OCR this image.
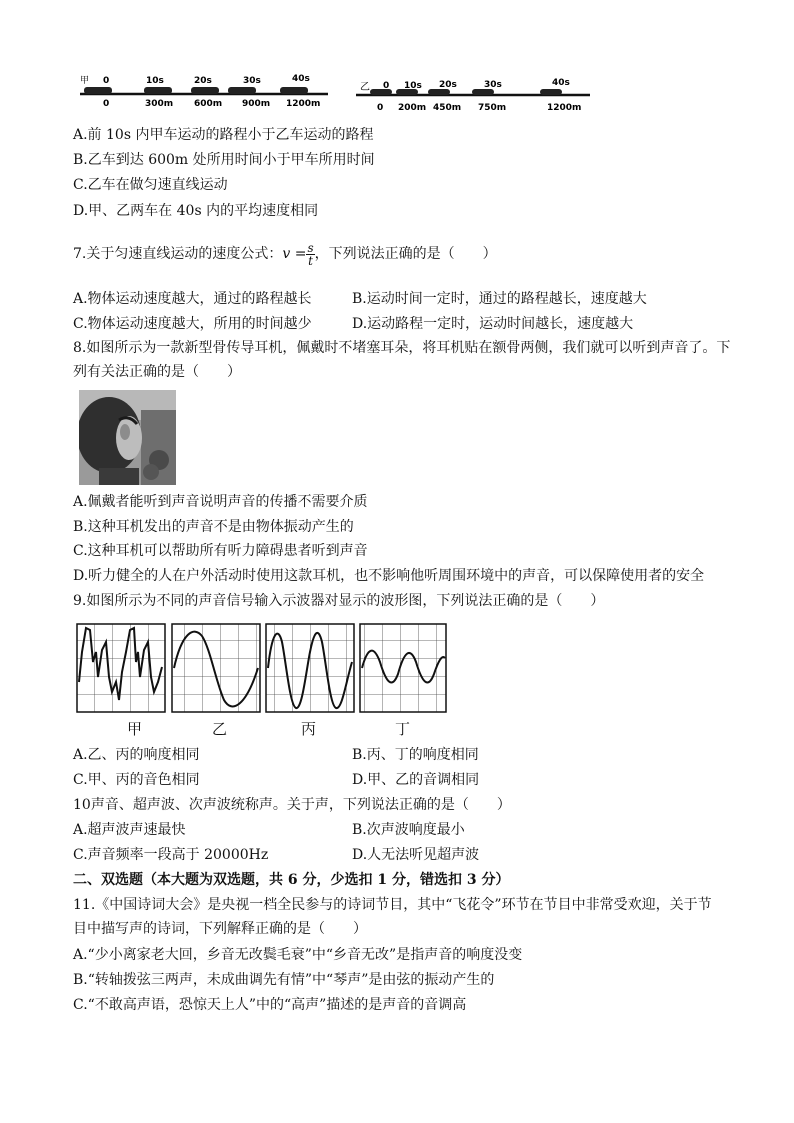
甲 0	10s	20s	30s	40s
0	300m 600m 900m 1200m
乙 0 10s 20s	30s	40s
0 200m 450m 750m	1200m
A.前 10s 内甲车运动的路程小于乙车运动的路程
B.乙车到达 600m 处所用时间小于甲车所用时间
C.乙车在做匀速直线运动
D.甲、乙两车在 40s 内的平均速度相同
7.关于匀速直线运动的速度公式：$v = \frac{s}{t}$ ，下列说法正确的是（　　）
A.物体运动速度越大，通过的路程越长	B.运动时间一定时，通过的路程越长，速度越大
C.物体运动速度越大，所用的时间越少	D.运动路程一定时，运动时间越长，速度越大
8.如图所示为一款新型骨传导耳机，佩戴时不堵塞耳朵，将耳机贴在额骨两侧，我们就可以听到声音了。下
列有关法正确的是（　　）
A.佩戴者能听到声音说明声音的传播不需要介质
B.这种耳机发出的声音不是由物体振动产生的
C.这种耳机可以帮助所有听力障碍患者听到声音
D.听力健全的人在户外活动时使用这款耳机，也不影响他听周围环境中的声音，可以保障使用者的安全
9.如图所示为不同的声音信号输入示波器对显示的波形图，下列说法正确的是（　　）
甲	乙	丙	丁
A.乙、丙的响度相同	B.丙、丁的响度相同
C.甲、丙的音色相同	D.甲、乙的音调相同
10声音、超声波、次声波统称声。关于声，下列说法正确的是（　　）
A.超声波声速最快	B.次声波响度最小
C.声音频率一段高于 20000Hz	D.人无法听见超声波
二、双选题（本大题为双选题，共 6 分，少选扣 1 分，错选扣 3 分）
11.《中国诗词大会》是央视一档全民参与的诗词节目，其中“飞花令”环节在节目中非常受欢迎，关于节
目中描写声的诗词，下列解释正确的是（　　）
A.“少小离家老大回，乡音无改鬓毛衰”中“乡音无改”是指声音的响度没变
B.“转轴拨弦三两声，未成曲调先有情”中“琴声”是由弦的振动产生的
C.“不敢高声语，恐惊天上人”中的“高声”描述的是声音的音调高
